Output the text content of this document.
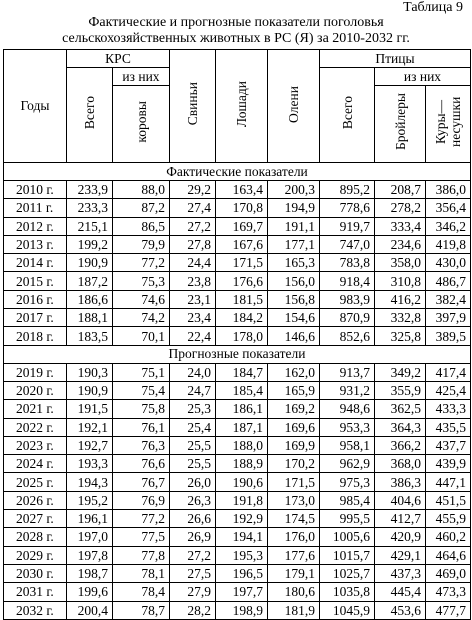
Таблица 9
Фактические и прогнозные показатели поголовья
сельскохозяйственных животных в РС (Я) за 2010-2032 гг.
Годы	КРС		Свиньи	Лошади	Олени	Птицы		
	Всего	из них				Всего	из них	
		коровы					Бройлеры	Куры—несушки
Фактические показатели								
2010 г.	233,9	88,0	29,2	163,4	200,3	895,2	208,7	386,0
2011 г.	233,3	87,2	27,4	170,8	194,9	778,6	278,2	356,4
2012 г.	215,1	86,5	27,2	169,7	191,1	919,7	333,4	346,2
2013 г.	199,2	79,9	27,8	167,6	177,1	747,0	234,6	419,8
2014 г.	190,9	77,2	24,4	171,5	165,3	783,8	358,0	430,0
2015 г.	187,2	75,3	23,8	176,6	156,0	918,4	310,8	486,7
2016 г.	186,6	74,6	23,1	181,5	156,8	983,9	416,2	382,4
2017 г.	188,1	74,2	23,4	184,2	154,6	870,9	332,8	397,9
2018 г.	183,5	70,1	22,4	178,0	146,6	852,6	325,8	389,5
Прогнозные показатели								
2019 г.	190,3	75,1	24,0	184,7	162,0	913,7	349,2	417,4
2020 г.	190,9	75,4	24,7	185,4	165,9	931,2	355,9	425,4
2021 г.	191,5	75,8	25,3	186,1	169,2	948,6	362,5	433,3
2022 г.	192,1	76,1	25,4	187,1	169,6	953,3	364,3	435,5
2023 г.	192,7	76,3	25,5	188,0	169,9	958,1	366,2	437,7
2024 г.	193,3	76,6	25,5	188,9	170,2	962,9	368,0	439,9
2025 г.	194,3	76,7	26,0	190,6	171,5	975,3	386,3	447,1
2026 г.	195,2	76,9	26,3	191,8	173,0	985,4	404,6	451,5
2027 г.	196,1	77,2	26,6	192,9	174,5	995,5	412,7	455,9
2028 г.	197,0	77,5	26,9	194,1	176,0	1005,6	420,9	460,2
2029 г.	197,8	77,8	27,2	195,3	177,6	1015,7	429,1	464,6
2030 г.	198,7	78,1	27,5	196,5	179,1	1025,7	437,3	469,0
2031 г.	199,6	78,4	27,9	197,7	180,6	1035,8	445,4	473,3
2032 г.	200,4	78,7	28,2	198,9	181,9	1045,9	453,6	477,7
